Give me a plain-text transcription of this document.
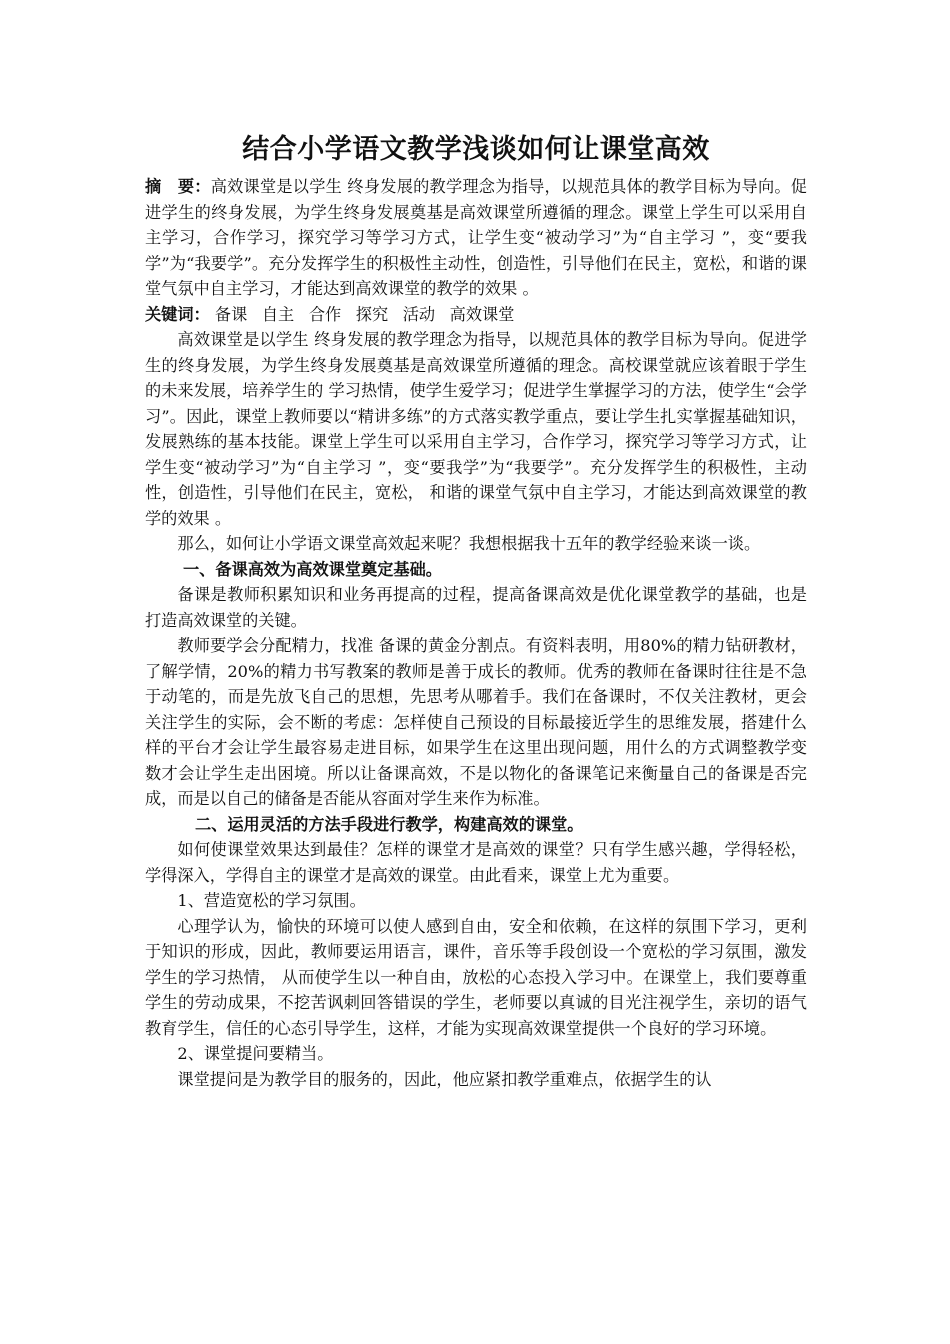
结合小学语文教学浅谈如何让课堂高效

摘　要：高效课堂是以学生 终身发展的教学理念为指导，以规范具体的教学目标为导向。促进学生的终身发展，为学生终身发展奠基是高效课堂所遵循的理念。课堂上学生可以采用自主学习，合作学习，探究学习等学习方式，让学生变“被动学习”为“自主学习 ”，变“要我学”为“我要学”。充分发挥学生的积极性主动性，创造性，引导他们在民主，宽松，和谐的课堂气氛中自主学习，才能达到高效课堂的教学的效果 。

关键词： 备课 自主 合作 探究 活动 高效课堂

高效课堂是以学生 终身发展的教学理念为指导，以规范具体的教学目标为导向。促进学生的终身发展，为学生终身发展奠基是高效课堂所遵循的理念。高校课堂就应该着眼于学生的未来发展，培养学生的 学习热情，使学生爱学习；促进学生掌握学习的方法，使学生“会学习”。因此，课堂上教师要以“精讲多练”的方式落实教学重点，要让学生扎实掌握基础知识，发展熟练的基本技能。课堂上学生可以采用自主学习，合作学习，探究学习等学习方式，让学生变“被动学习”为“自主学习 ”，变“要我学”为“我要学”。充分发挥学生的积极性，主动性，创造性，引导他们在民主，宽松， 和谐的课堂气氛中自主学习，才能达到高效课堂的教学的效果 。

那么，如何让小学语文课堂高效起来呢？我想根据我十五年的教学经验来谈一谈。

一、备课高效为高效课堂奠定基础。

备课是教师积累知识和业务再提高的过程，提高备课高效是优化课堂教学的基础，也是打造高效课堂的关键。

教师要学会分配精力，找准 备课的黄金分割点。有资料表明，用80%的精力钻研教材，了解学情，20%的精力书写教案的教师是善于成长的教师。优秀的教师在备课时往往是不急于动笔的，而是先放飞自己的思想，先思考从哪着手。我们在备课时，不仅关注教材，更会关注学生的实际，会不断的考虑：怎样使自己预设的目标最接近学生的思维发展，搭建什么样的平台才会让学生最容易走进目标，如果学生在这里出现问题，用什么的方式调整教学变数才会让学生走出困境。所以让备课高效，不是以物化的备课笔记来衡量自己的备课是否完成，而是以自己的储备是否能从容面对学生来作为标准。

二、运用灵活的方法手段进行教学，构建高效的课堂。

如何使课堂效果达到最佳？怎样的课堂才是高效的课堂？只有学生感兴趣，学得轻松，学得深入，学得自主的课堂才是高效的课堂。由此看来，课堂上尤为重要。

1、营造宽松的学习氛围。

心理学认为，愉快的环境可以使人感到自由，安全和依赖，在这样的氛围下学习，更利于知识的形成，因此，教师要运用语言，课件，音乐等手段创设一个宽松的学习氛围，激发学生的学习热情， 从而使学生以一种自由，放松的心态投入学习中。在课堂上，我们要尊重学生的劳动成果，不挖苦讽刺回答错误的学生，老师要以真诚的目光注视学生，亲切的语气教育学生，信任的心态引导学生，这样，才能为实现高效课堂提供一个良好的学习环境。

2、课堂提问要精当。

课堂提问是为教学目的服务的，因此，他应紧扣教学重难点，依据学生的认
